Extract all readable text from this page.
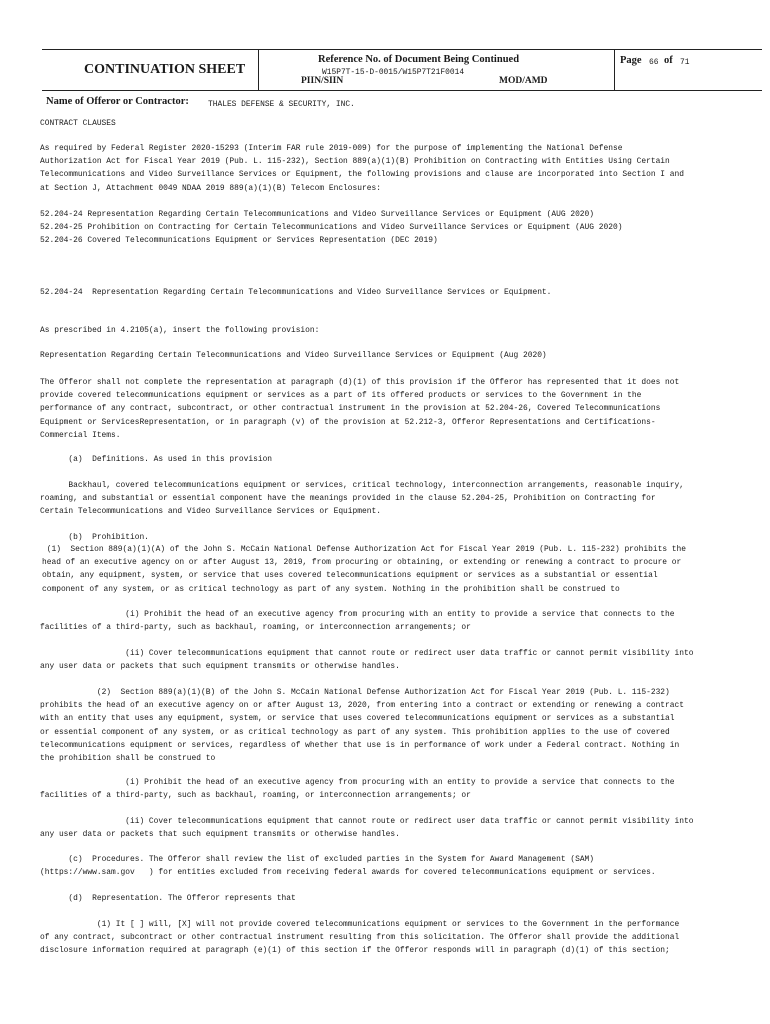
CONTINUATION SHEET
Reference No. of Document Being Continued
W15P7T-15-D-0015/W15P7T21F0014
PIIN/SIIN	MOD/AMD
Page 66 of 71
Name of Offeror or Contractor: THALES DEFENSE & SECURITY, INC.
CONTRACT CLAUSES
As required by Federal Register 2020-15293 (Interim FAR rule 2019-009) for the purpose of implementing the National Defense
Authorization Act for Fiscal Year 2019 (Pub. L. 115-232), Section 889(a)(1)(B) Prohibition on Contracting with Entities Using Certain
Telecommunications and Video Surveillance Services or Equipment, the following provisions and clause are incorporated into Section I and
at Section J, Attachment 0049 NDAA 2019 889(a)(1)(B) Telecom Enclosures:
52.204-24 Representation Regarding Certain Telecommunications and Video Surveillance Services or Equipment (AUG 2020)
52.204-25 Prohibition on Contracting for Certain Telecommunications and Video Surveillance Services or Equipment (AUG 2020)
52.204-26 Covered Telecommunications Equipment or Services Representation (DEC 2019)
52.204-24  Representation Regarding Certain Telecommunications and Video Surveillance Services or Equipment.
As prescribed in 4.2105(a), insert the following provision:
Representation Regarding Certain Telecommunications and Video Surveillance Services or Equipment (Aug 2020)
The Offeror shall not complete the representation at paragraph (d)(1) of this provision if the Offeror has represented that it does not
provide covered telecommunications equipment or services as a part of its offered products or services to the Government in the
performance of any contract, subcontract, or other contractual instrument in the provision at 52.204-26, Covered Telecommunications
Equipment or ServicesRepresentation, or in paragraph (v) of the provision at 52.212-3, Offeror Representations and Certifications-
Commercial Items.
(a)  Definitions. As used in this provision
Backhaul, covered telecommunications equipment or services, critical technology, interconnection arrangements, reasonable inquiry,
roaming, and substantial or essential component have the meanings provided in the clause 52.204-25, Prohibition on Contracting for
Certain Telecommunications and Video Surveillance Services or Equipment.
(b)  Prohibition.
(1)  Section 889(a)(1)(A) of the John S. McCain National Defense Authorization Act for Fiscal Year 2019 (Pub. L. 115-232) prohibits the
head of an executive agency on or after August 13, 2019, from procuring or obtaining, or extending or renewing a contract to procure or
obtain, any equipment, system, or service that uses covered telecommunications equipment or services as a substantial or essential
component of any system, or as critical technology as part of any system. Nothing in the prohibition shall be construed to
(i) Prohibit the head of an executive agency from procuring with an entity to provide a service that connects to the
facilities of a third-party, such as backhaul, roaming, or interconnection arrangements; or
(ii) Cover telecommunications equipment that cannot route or redirect user data traffic or cannot permit visibility into
any user data or packets that such equipment transmits or otherwise handles.
(2)  Section 889(a)(1)(B) of the John S. McCain National Defense Authorization Act for Fiscal Year 2019 (Pub. L. 115-232)
prohibits the head of an executive agency on or after August 13, 2020, from entering into a contract or extending or renewing a contract
with an entity that uses any equipment, system, or service that uses covered telecommunications equipment or services as a substantial
or essential component of any system, or as critical technology as part of any system. This prohibition applies to the use of covered
telecommunications equipment or services, regardless of whether that use is in performance of work under a Federal contract. Nothing in
the prohibition shall be construed to
(i) Prohibit the head of an executive agency from procuring with an entity to provide a service that connects to the
facilities of a third-party, such as backhaul, roaming, or interconnection arrangements; or
(ii) Cover telecommunications equipment that cannot route or redirect user data traffic or cannot permit visibility into
any user data or packets that such equipment transmits or otherwise handles.
(c)  Procedures. The Offeror shall review the list of excluded parties in the System for Award Management (SAM)
(https://www.sam.gov   ) for entities excluded from receiving federal awards for covered telecommunications equipment or services.
(d)  Representation. The Offeror represents that
(1) It [ ] will, [X] will not provide covered telecommunications equipment or services to the Government in the performance
of any contract, subcontract or other contractual instrument resulting from this solicitation. The Offeror shall provide the additional
disclosure information required at paragraph (e)(1) of this section if the Offeror responds will in paragraph (d)(1) of this section;
